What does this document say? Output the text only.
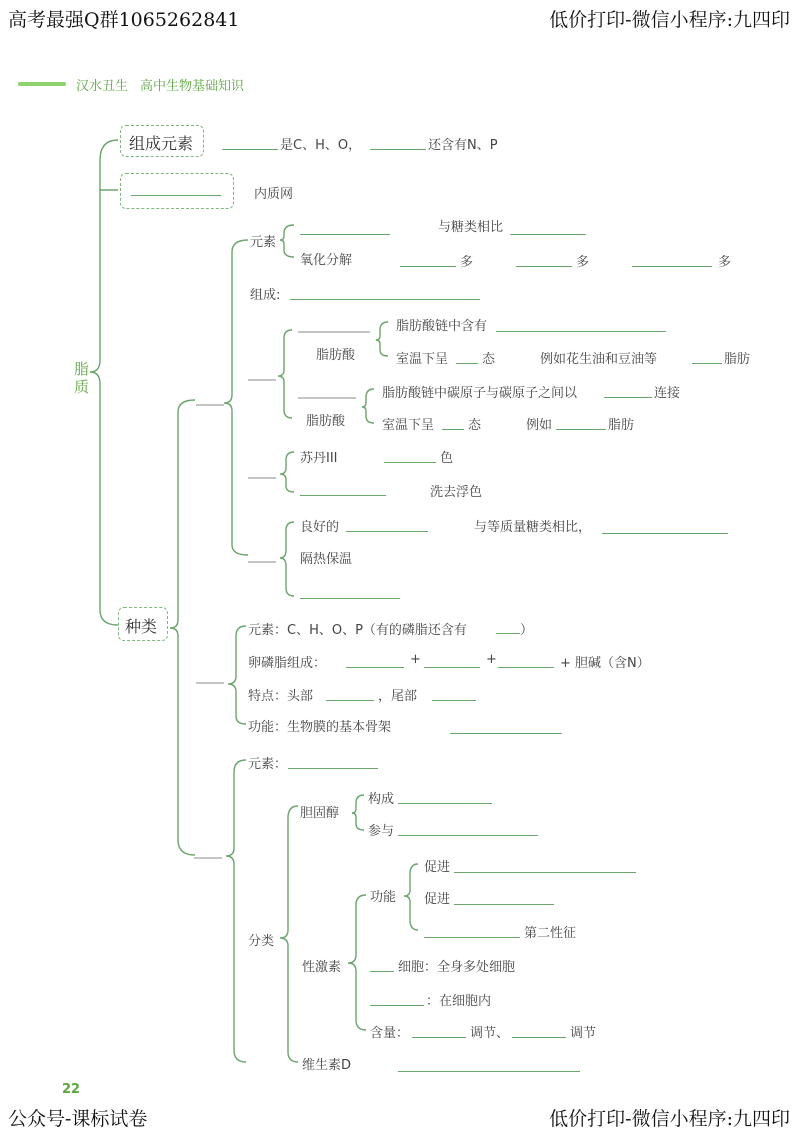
高考最强Q群1065262841	低价打印-微信小程序:九四印
公众号-课标试卷	低价打印-微信小程序:九四印
汉水丑生 高中生物基础知识
22
脂质
组成元素	是C、H、O，	还含有N、P
内质网
种类
元素
与糖类相比
氧化分解	多	多	多
组成:
脂肪酸
脂肪酸链中含有
室温下呈	态	例如花生油和豆油等	脂肪
脂肪酸
脂肪酸链中碳原子与碳原子之间以	连接
室温下呈	态	例如	脂肪
苏丹III	色
洗去浮色
良好的	与等质量糖类相比，
隔热保温
元素：C、H、O、P（有的磷脂还含有	）
卵磷脂组成：	+	+	+ 胆碱（含N）
特点：头部	，尾部
功能：生物膜的基本骨架
元素：
胆固醇
构成
参与
分类
功能
促进
促进
第二性征
性激素	细胞：全身多处细胞
：在细胞内
含量：	调节、	调节
维生素D
